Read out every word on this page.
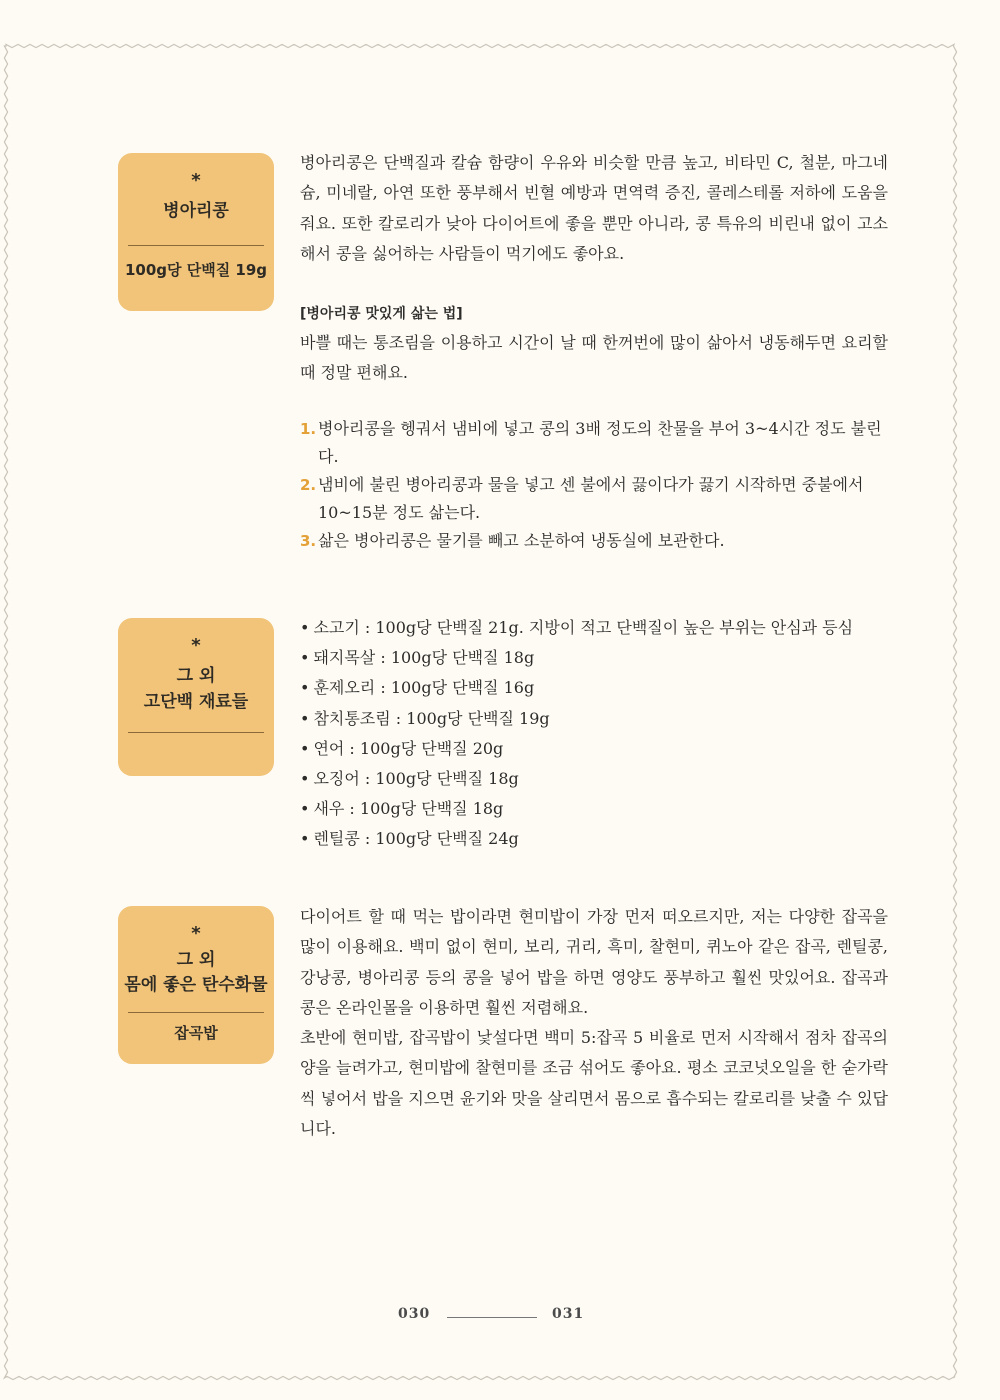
*
병아리콩
100g당 단백질 19g

병아리콩은 단백질과 칼슘 함량이 우유와 비슷할 만큼 높고, 비타민 C, 철분, 마그네슘, 미네랄, 아연 또한 풍부해서 빈혈 예방과 면역력 증진, 콜레스테롤 저하에 도움을 줘요. 또한 칼로리가 낮아 다이어트에 좋을 뿐만 아니라, 콩 특유의 비린내 없이 고소해서 콩을 싫어하는 사람들이 먹기에도 좋아요.

[병아리콩 맛있게 삶는 법]

바쁠 때는 통조림을 이용하고 시간이 날 때 한꺼번에 많이 삶아서 냉동해두면 요리할 때 정말 편해요.

1. 병아리콩을 헹궈서 냄비에 넣고 콩의 3배 정도의 찬물을 부어 3~4시간 정도 불린다.
2. 냄비에 불린 병아리콩과 물을 넣고 센 불에서 끓이다가 끓기 시작하면 중불에서 10~15분 정도 삶는다.
3. 삶은 병아리콩은 물기를 빼고 소분하여 냉동실에 보관한다.
*
그 외
고단백 재료들
• 소고기 : 100g당 단백질 21g. 지방이 적고 단백질이 높은 부위는 안심과 등심
• 돼지목살 : 100g당 단백질 18g
• 훈제오리 : 100g당 단백질 16g
• 참치통조림 : 100g당 단백질 19g
• 연어 : 100g당 단백질 20g
• 오징어 : 100g당 단백질 18g
• 새우 : 100g당 단백질 18g
• 렌틸콩 : 100g당 단백질 24g
*
그 외
몸에 좋은 탄수화물
잡곡밥

다이어트 할 때 먹는 밥이라면 현미밥이 가장 먼저 떠오르지만, 저는 다양한 잡곡을 많이 이용해요. 백미 없이 현미, 보리, 귀리, 흑미, 찰현미, 퀴노아 같은 잡곡, 렌틸콩, 강낭콩, 병아리콩 등의 콩을 넣어 밥을 하면 영양도 풍부하고 훨씬 맛있어요. 잡곡과 콩은 온라인몰을 이용하면 훨씬 저렴해요.

초반에 현미밥, 잡곡밥이 낯설다면 백미 5:잡곡 5 비율로 먼저 시작해서 점차 잡곡의 양을 늘려가고, 현미밥에 찰현미를 조금 섞어도 좋아요. 평소 코코넛오일을 한 숟가락씩 넣어서 밥을 지으면 윤기와 맛을 살리면서 몸으로 흡수되는 칼로리를 낮출 수 있답니다.

030	031
